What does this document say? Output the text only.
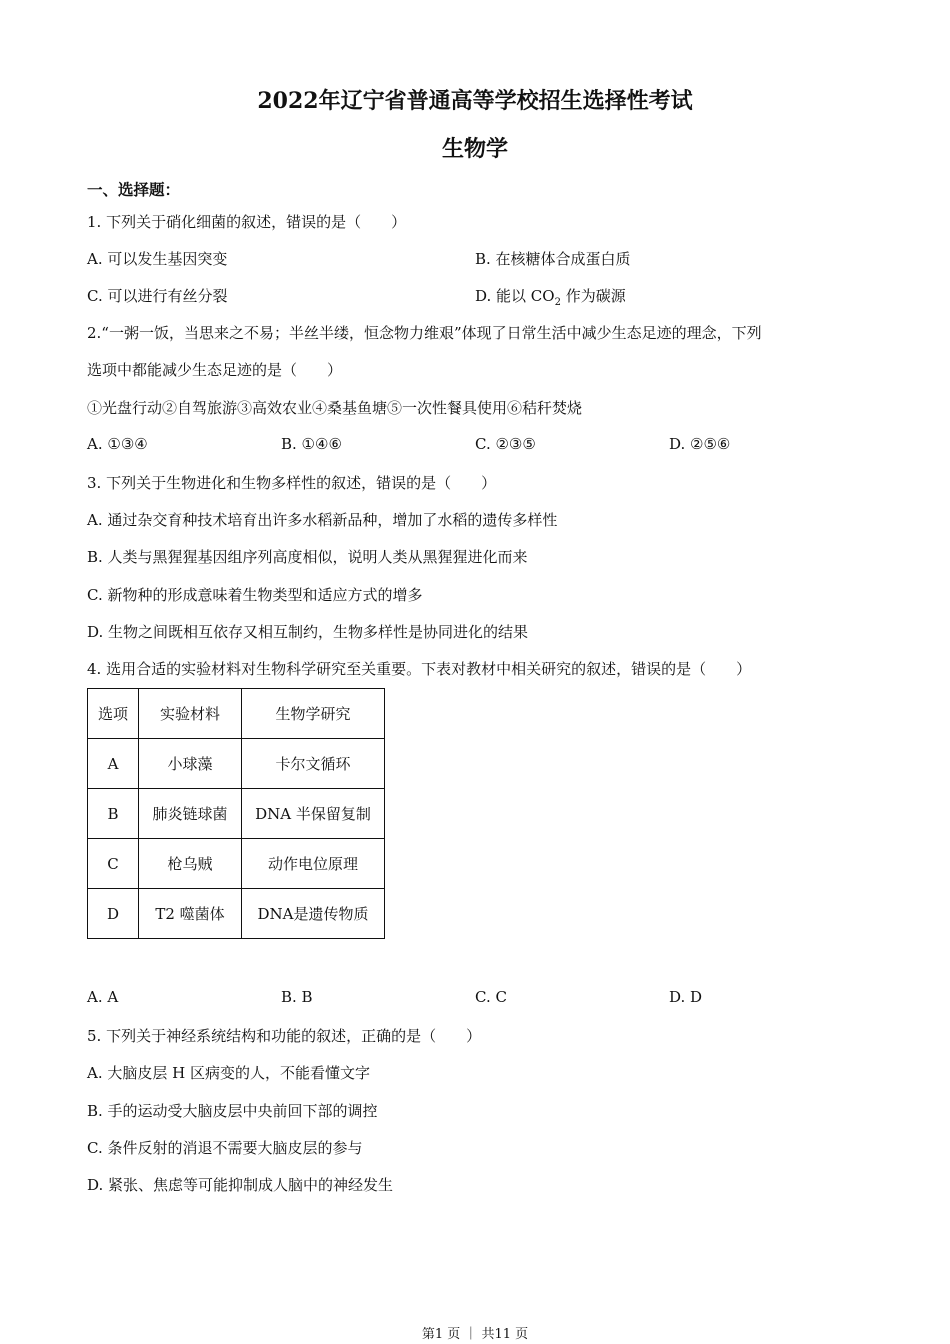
2022年辽宁省普通高等学校招生选择性考试
生物学
一、选择题：
1. 下列关于硝化细菌的叙述，错误的是（　　）
A. 可以发生基因突变	B. 在核糖体合成蛋白质
C. 可以进行有丝分裂	D. 能以 $CO_2$ 作为碳源
2.“一粥一饭，当思来之不易；半丝半缕，恒念物力维艰”体现了日常生活中减少生态足迹的理念，下列
选项中都能减少生态足迹的是（　　）
①光盘行动②自驾旅游③高效农业④桑基鱼塘⑤一次性餐具使用⑥秸秆焚烧
A. ①③④	B. ①④⑥	C. ②③⑤	D. ②⑤⑥
3. 下列关于生物进化和生物多样性的叙述，错误的是（　　）
A. 通过杂交育种技术培育出许多水稻新品种，增加了水稻的遗传多样性
B. 人类与黑猩猩基因组序列高度相似，说明人类从黑猩猩进化而来
C. 新物种的形成意味着生物类型和适应方式的增多
D. 生物之间既相互依存又相互制约，生物多样性是协同进化的结果
4. 选用合适的实验材料对生物科学研究至关重要。下表对教材中相关研究的叙述，错误的是（　　）
选项	实验材料	生物学研究
A	小球藻	卡尔文循环
B	肺炎链球菌	DNA 半保留复制
C	枪乌贼	动作电位原理
D	T2 噬菌体	DNA是遗传物质
A. A	B. B	C. C	D. D
5. 下列关于神经系统结构和功能的叙述，正确的是（　　）
A. 大脑皮层 H 区病变的人，不能看懂文字
B. 手的运动受大脑皮层中央前回下部的调控
C. 条件反射的消退不需要大脑皮层的参与
D. 紧张、焦虑等可能抑制成人脑中的神经发生
第1 页 ｜ 共11 页
